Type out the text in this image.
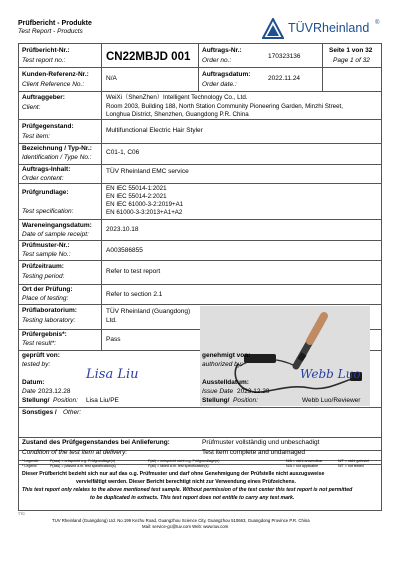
Prüfbericht - Produkte
Test Report - Products	TÜVRheinland ®
Prüfbericht-Nr.:
Test report no.:	CN22MBJD 001
Auftrags-Nr.:
Order no.:
170323136
Seite 1 von 32
Page 1 of 32
Kunden-Referenz-Nr.:
Client Reference No.:
N/A
Auftragsdatum:
Order date.:
2022.11.24
Auftraggeber:
Client:
WeiXi（ShenZhen）Intelligent Technology Co., Ltd.
Room 2003, Building 188, North Station Community Pioneering Garden, Minzhi Street,
Longhua District, Shenzhen, Guangdong P.R. China
Prüfgegenstand:
Test item:
Multifunctional Electric Hair Styler
Bezeichnung / Typ-Nr.:
Identification / Type No.:
C01-1, C06
Auftrags-Inhalt:
Order content:
TÜV Rheinland EMC service
Prüfgrundlage:
Test specification:
EN IEC 55014-1:2021
EN IEC 55014-2:2021
EN IEC 61000-3-2:2019+A1
EN 61000-3-3:2013+A1+A2
Wareneingangsdatum:
Date of sample receipt:
2023.10.18
Prüfmuster-Nr.:
Test sample No.:
A003586855
Prüfzeitraum:
Testing period:
Refer to test report
Ort der Prüfung:
Place of testing:
Refer to section 2.1
Prüflaboratorium:
Testing laboratory:
TÜV Rheinland (Guangdong)
Ltd.
Prüfergebnis*:
Test result*:
Pass
geprüft von:
tested by:
genehmigt von:
authorized by:
Lisa Liu	Webb Luo
Datum:
Date 2023.12.28
Ausstelldatum:
Issue Date 2023.12.29
Stellung/ Position: Lisa Liu/PE	Stellung/ Position:	Webb Luo/Reviewer
Sonstiges / Other:
Zustand des Prüfgegenstandes bei Anlieferung:
Condition of the test item at delivery:
Prüfmuster vollständig und unbeschadigt
Test item complete and undamaged
* Legende:
* Legend:
P(ass) = entspricht o.g. Prüfgrundlage(n)
P(ass) = passed a.m. test specification(s)
F(ail) = entspricht nicht o.g. Prüfgrundlage(n)
F(ail) = failed a.m. test specification(s)
N/A = nicht anwendbar
N/A = not applicable
N/T = nicht getestet
N/T = not tested
Dieser Prüfbericht bezieht sich nur auf das o.g. Prüfmuster und darf ohne Genehmigung der Prüfstelle nicht auszugsweise
vervielfältigt werden. Dieser Bericht berechtigt nicht zur Verwendung eines Prüfzeichens.
This test report only relates to the above mentioned test sample. Without permission of the test center this test report is not permitted
to be duplicated in extracts. This test report does not entitle to carry any test mark.
TTC
TUV Rheinland (Guangdong) Ltd. No.199 Kezhu Road, Guangzhou Science City, Guangzhou 510663, Guangdong Province P.R. China
Mail: service-gc@tuv.com Web: www.tuv.com
